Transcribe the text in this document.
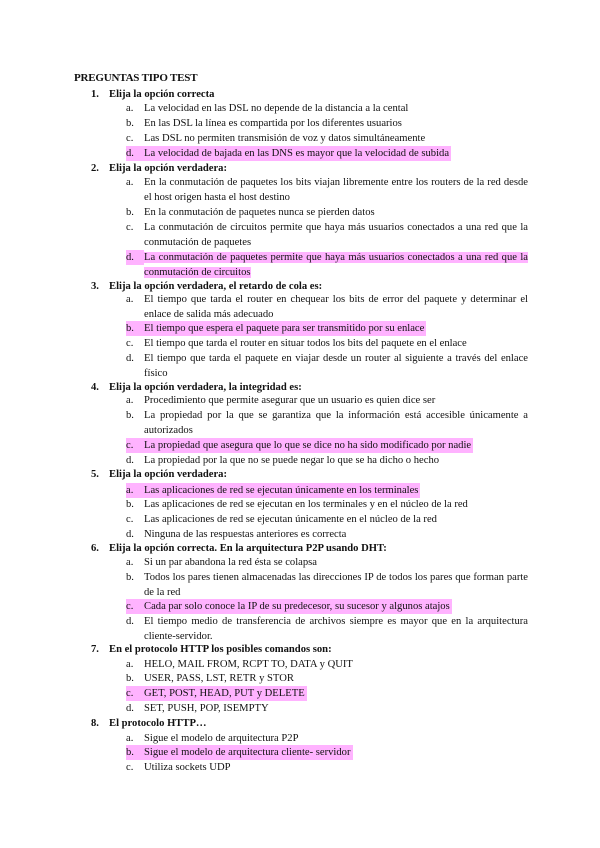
PREGUNTAS TIPO TEST
1. Elija la opción correcta
a.	La velocidad en las DSL no depende de la distancia a la cental
b. En las DSL la línea es compartida por los diferentes usuarios
c.	Las DSL no permiten transmisión de voz y datos simultáneamente
d. La velocidad de bajada en las DNS es mayor que la velocidad de subida
2. Elija la opción verdadera:
a.	En la conmutación de paquetes los bits viajan libremente entre los routers de la red desde el host origen hasta el host destino
b. En la conmutación de paquetes nunca se pierden datos
c.	La conmutación de circuitos permite que haya más usuarios conectados a una red que la conmutación de paquetes
d. La conmutación de paquetes permite que haya más usuarios conectados a una red que la conmutación de circuitos
3. Elija la opción verdadera, el retardo de cola es:
a.	El tiempo que tarda el router en chequear los bits de error del paquete y determinar el enlace de salida más adecuado
b. El tiempo que espera el paquete para ser transmitido por su enlace
c.	El tiempo que tarda el router en situar todos los bits del paquete en el enlace
d. El tiempo que tarda el paquete en viajar desde un router al siguiente a través del enlace físico
4. Elija la opción verdadera, la integridad es:
a.	Procedimiento que permite asegurar que un usuario es quien dice ser
b. La propiedad por la que se garantiza que la información está accesible únicamente a autorizados
c.	La propiedad que asegura que lo que se dice no ha sido modificado por nadie
d. La propiedad por la que no se puede negar lo que se ha dicho o hecho
5. Elija la opción verdadera:
a.	Las aplicaciones de red se ejecutan únicamente en los terminales
b. Las aplicaciones de red se ejecutan en los terminales y en el núcleo de la red
c.	Las aplicaciones de red se ejecutan únicamente en el núcleo de la red
d. Ninguna de las respuestas anteriores es correcta
6. Elija la opción correcta. En la arquitectura P2P usando DHT:
a.	Si un par abandona la red ésta se colapsa
b. Todos los pares tienen almacenadas las direcciones IP de todos los pares que forman parte de la red
c.	Cada par solo conoce la IP de su predecesor, su sucesor y algunos atajos
d. El tiempo medio de transferencia de archivos siempre es mayor que en la arquitectura cliente-servidor.
7. En el protocolo HTTP los posibles comandos son:
a.	HELO, MAIL FROM, RCPT TO, DATA y QUIT
b. USER, PASS, LST, RETR y STOR
c.	GET, POST, HEAD, PUT y DELETE
d. SET, PUSH, POP, ISEMPTY
8. El protocolo HTTP…
a.	Sigue el modelo de arquitectura P2P
b. Sigue el modelo de arquitectura cliente- servidor
c.	Utiliza sockets UDP
